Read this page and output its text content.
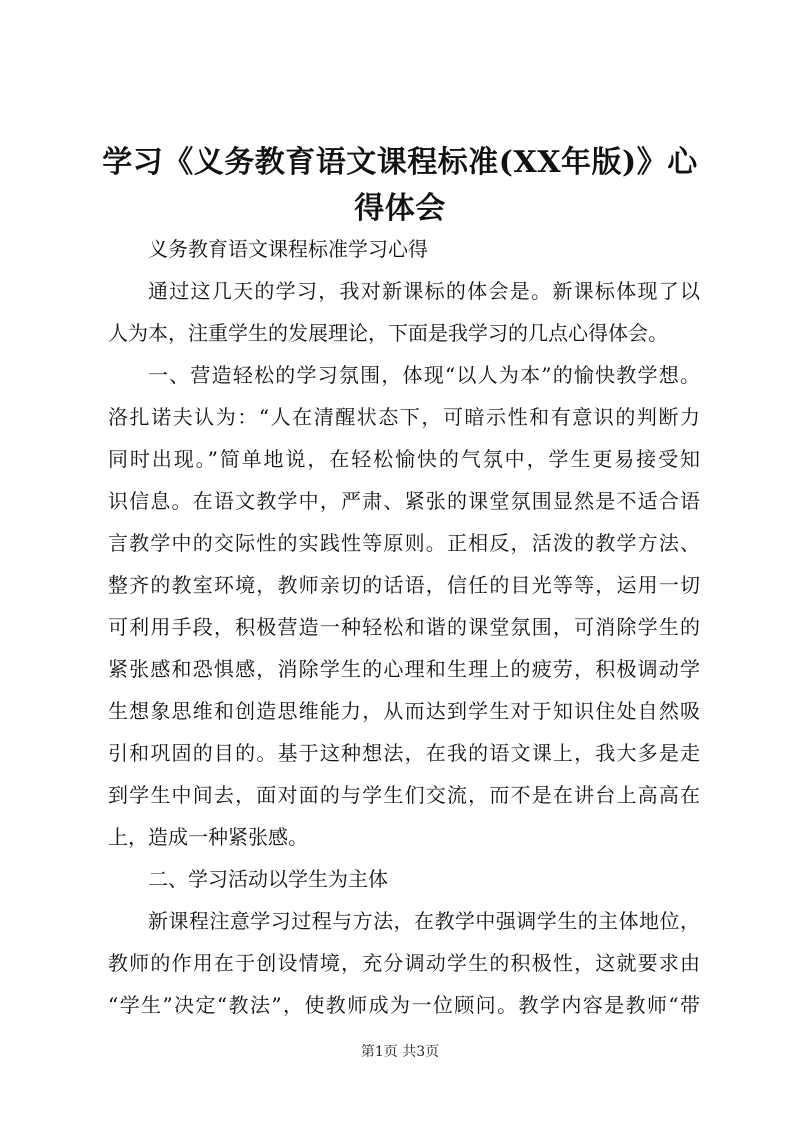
学习《义务教育语文课程标准(XX年版)》心
得体会
义务教育语文课程标准学习心得
通过这几天的学习，我对新课标的体会是。新课标体现了以
人为本，注重学生的发展理论，下面是我学习的几点心得体会。
一、营造轻松的学习氛围，体现“以人为本”的愉快教学想。
洛扎诺夫认为：“人在清醒状态下，可暗示性和有意识的判断力
同时出现。”简单地说，在轻松愉快的气氛中，学生更易接受知
识信息。在语文教学中，严肃、紧张的课堂氛围显然是不适合语
言教学中的交际性的实践性等原则。正相反，活泼的教学方法、
整齐的教室环境，教师亲切的话语，信任的目光等等，运用一切
可利用手段，积极营造一种轻松和谐的课堂氛围，可消除学生的
紧张感和恐惧感，消除学生的心理和生理上的疲劳，积极调动学
生想象思维和创造思维能力，从而达到学生对于知识住处自然吸
引和巩固的目的。基于这种想法，在我的语文课上，我大多是走
到学生中间去，面对面的与学生们交流，而不是在讲台上高高在
上，造成一种紧张感。
二、学习活动以学生为主体
新课程注意学习过程与方法，在教学中强调学生的主体地位，
教师的作用在于创设情境，充分调动学生的积极性，这就要求由
“学生”决定“教法”，使教师成为一位顾问。教学内容是教师“带
第1页 共3页
